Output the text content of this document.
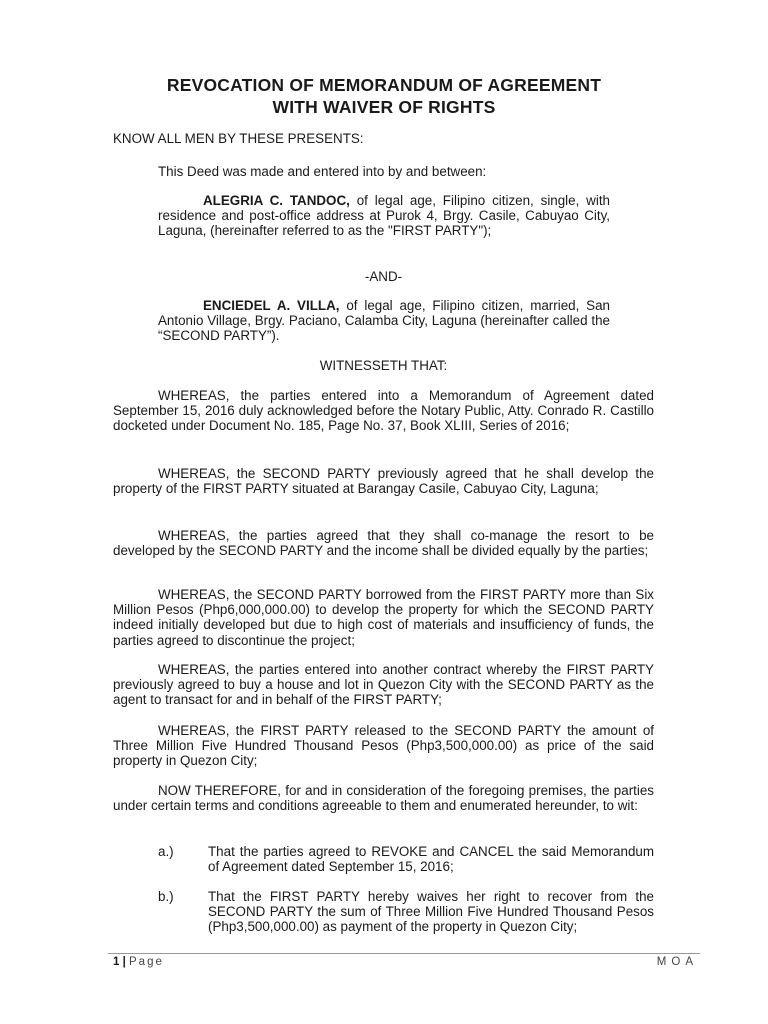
REVOCATION OF MEMORANDUM OF AGREEMENT
WITH WAIVER OF RIGHTS

KNOW ALL MEN BY THESE PRESENTS:

This Deed was made and entered into by and between:

ALEGRIA C. TANDOC, of legal age, Filipino citizen, single, with residence and post-office address at Purok 4, Brgy. Casile, Cabuyao City, Laguna, (hereinafter referred to as the "FIRST PARTY");

-AND-

ENCIEDEL A. VILLA, of legal age, Filipino citizen, married, San Antonio Village, Brgy. Paciano, Calamba City, Laguna (hereinafter called the “SECOND PARTY”).

WITNESSETH THAT:

WHEREAS, the parties entered into a Memorandum of Agreement dated September 15, 2016 duly acknowledged before the Notary Public, Atty. Conrado R. Castillo docketed under Document No. 185, Page No. 37, Book XLIII, Series of 2016;

WHEREAS, the SECOND PARTY previously agreed that he shall develop the property of the FIRST PARTY situated at Barangay Casile, Cabuyao City, Laguna;

WHEREAS, the parties agreed that they shall co-manage the resort to be developed by the SECOND PARTY and the income shall be divided equally by the parties;

WHEREAS, the SECOND PARTY borrowed from the FIRST PARTY more than Six Million Pesos (Php6,000,000.00) to develop the property for which the SECOND PARTY indeed initially developed but due to high cost of materials and insufficiency of funds, the parties agreed to discontinue the project;

WHEREAS, the parties entered into another contract whereby the FIRST PARTY previously agreed to buy a house and lot in Quezon City with the SECOND PARTY as the agent to transact for and in behalf of the FIRST PARTY;

WHEREAS, the FIRST PARTY released to the SECOND PARTY the amount of Three Million Five Hundred Thousand Pesos (Php3,500,000.00) as price of the said property in Quezon City;

NOW THEREFORE, for and in consideration of the foregoing premises, the parties under certain terms and conditions agreeable to them and enumerated hereunder, to wit:

a.)	That the parties agreed to REVOKE and CANCEL the said Memorandum of Agreement dated September 15, 2016;
b.)	That the FIRST PARTY hereby waives her right to recover from the SECOND PARTY the sum of Three Million Five Hundred Thousand Pesos (Php3,500,000.00) as payment of the property in Quezon City;
1 | Page	MOA
